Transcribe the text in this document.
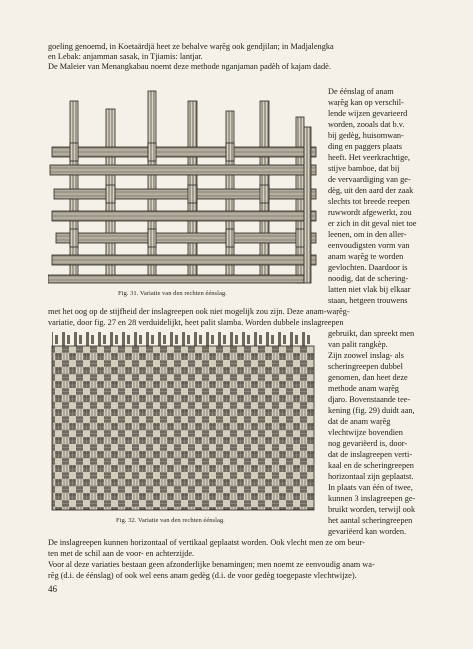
goeling genoemd, in Koetaärdjä heet ze behalve waṛĕg ook gendjilan; in Madjalengka
en Lebak: anjamman sasak, in Tjiamis: lantjar.
De Maleier van Menangkabau noemt deze methode nganjaman padèh of kajam dadè.
Fig. 31. Variatie van den rechten éénslag.
De éénslag of anam
waṛĕg kan op verschil-
lende wijzen gevarieerd
worden, zooals dat b.v.
bij gedèg, huisomwan-
ding en paggers plaats
heeft. Het veerkrachtige,
stijve bamboe, dat bij
de vervaardiging van ge-
dèg, uit den aard der zaak
slechts tot breede reepen
ruwwordt afgewerkt, zou
er zich in dit geval niet toe
leenen, om in den aller-
eenvoudigsten vorm van
anam waṛĕg te worden
gevlochten. Daardoor is
noodig, dat de schering-
latten niet vlak bij elkaar
staan, hetgeen trouwens
met het oog op de stijfheid der inslagreepen ook niet mogelijk zou zijn. Deze anam-waṛĕg-
variatie, door fig. 27 en 28 verduidelijkt, heet palit slamba. Worden dubbele inslagreepen
Fig. 32. Variatie van den rechten éénslag.
gebruikt, dan spreekt men
van palit rangkèp.
Zijn zoowel inslag- als
scheringreepen dubbel
genomen, dan heet deze
methode anam waṛĕg
djaro. Bovenstaande tee-
kening (fig. 29) duidt aan,
dat de anam waṛĕg
vlechtwijze bovendien
nog gevariëerd is, door-
dat de inslagreepen verti-
kaal en de scheringreepen
horizontaal zijn geplaatst.
In plaats van één of twee,
kunnen 3 inslagreepen ge-
bruikt worden, terwijl ook
het aantal scheringreepen
gevariëerd kan worden.
De inslagreepen kunnen horizontaal of vertikaal geplaatst worden. Ook vlecht men ze om beur-
ten met de schil aan de voor- en achterzijde.
Voor al deze variaties bestaan geen afzonderlijke benamingen; men noemt ze eenvoudig anam wa-
rĕg (d.i. de éénslag) of ook wel eens anam gedèg (d.i. de voor gedèg toegepaste vlechtwijze).
46
